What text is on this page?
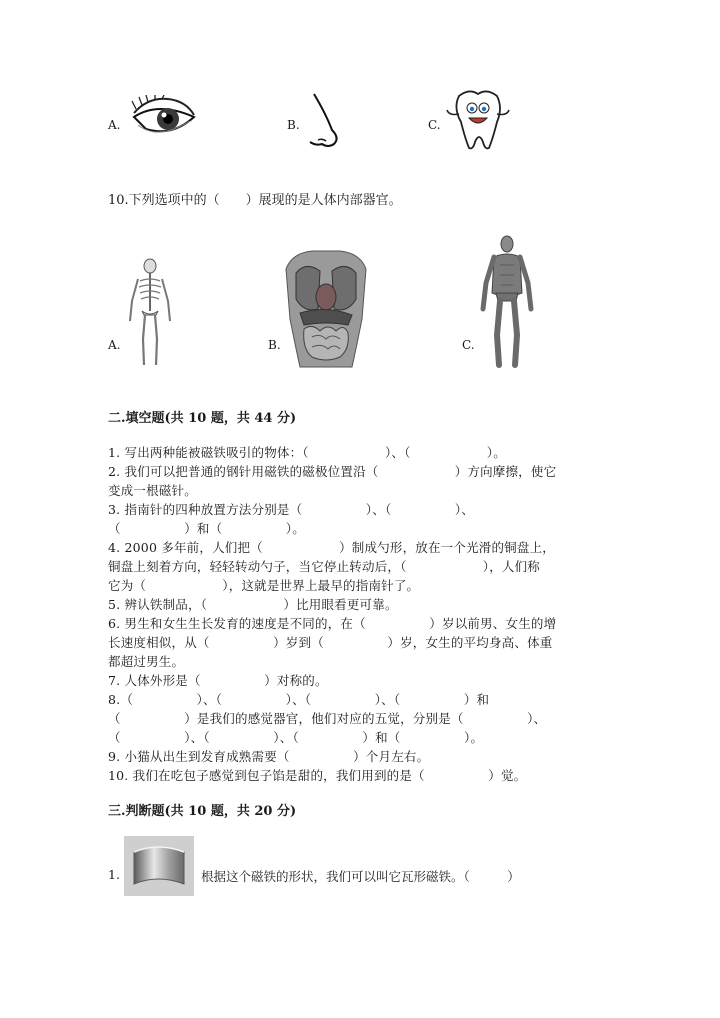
A.	B.	C.
10.下列选项中的（　　）展现的是人体内部器官。
A.	B.	C.
二.填空题(共 10 题，共 44 分)
1. 写出两种能被磁铁吸引的物体：（　　　　　　）、（　　　　　　）。
2. 我们可以把普通的钢针用磁铁的磁极位置沿（　　　　　　）方向摩擦，使它
变成一根磁针。
3. 指南针的四种放置方法分别是（　　　　　）、（　　　　　）、
（　　　　　）和（　　　　　）。
4. 2000 多年前，人们把（　　　　　　）制成勺形，放在一个光滑的铜盘上，
铜盘上刻着方向，轻轻转动勺子，当它停止转动后，（　　　　　　），人们称
它为（　　　　　　），这就是世界上最早的指南针了。
5. 辨认铁制品，（　　　　　　）比用眼看更可靠。
6. 男生和女生生长发育的速度是不同的，在（　　　　　）岁以前男、女生的增
长速度相似，从（　　　　　）岁到（　　　　　）岁，女生的平均身高、体重
都超过男生。
7. 人体外形是（　　　　　）对称的。
8.（　　　　　）、（　　　　　）、（　　　　　）、（　　　　　）和
（　　　　　）是我们的感觉器官，他们对应的五觉，分别是（　　　　　）、
（　　　　　）、（　　　　　）、（　　　　　）和（　　　　　）。
9. 小猫从出生到发育成熟需要（　　　　　）个月左右。
10. 我们在吃包子感觉到包子馅是甜的，我们用到的是（　　　　　）觉。
三.判断题(共 10 题，共 20 分)
1.	根据这个磁铁的形状，我们可以叫它瓦形磁铁。（　　　）
